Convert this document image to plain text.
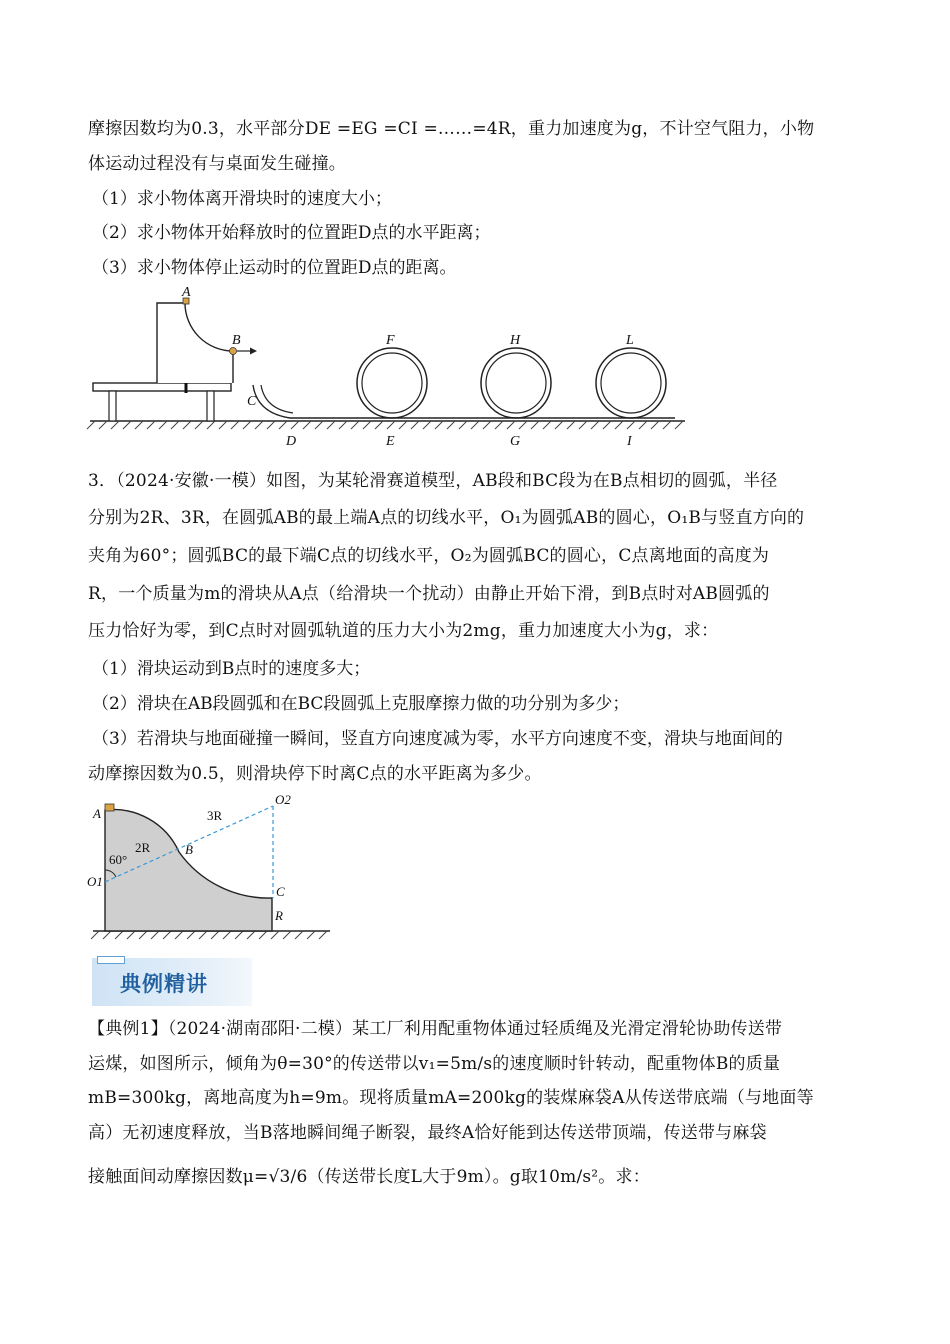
摩擦因数均为0.3，水平部分DE =EG =CI =……=4R，重力加速度为g，不计空气阻力，小物
体运动过程没有与桌面发生碰撞。
（1）求小物体离开滑块时的速度大小；
（2）求小物体开始释放时的位置距D点的水平距离；
（3）求小物体停止运动时的位置距D点的距离。
A
B
C
D	E	G	I
F	H	L
3．（2024·安徽·一模）如图，为某轮滑赛道模型，AB段和BC段为在B点相切的圆弧，半径
分别为2R、3R，在圆弧AB的最上端A点的切线水平，O₁为圆弧AB的圆心，O₁B与竖直方向的
夹角为60°；圆弧BC的最下端C点的切线水平，O₂为圆弧BC的圆心，C点离地面的高度为
R，一个质量为m的滑块从A点（给滑块一个扰动）由静止开始下滑，到B点时对AB圆弧的
压力恰好为零，到C点时对圆弧轨道的压力大小为2mg，重力加速度大小为g，求：
（1）滑块运动到B点时的速度多大；
（2）滑块在AB段圆弧和在BC段圆弧上克服摩擦力做的功分别为多少；
（3）若滑块与地面碰撞一瞬间，竖直方向速度减为零，水平方向速度不变，滑块与地面间的
动摩擦因数为0.5，则滑块停下时离C点的水平距离为多少。
A
O2
3R
2R	B
60°
O1
C
R
典例精讲
【典例1】（2024·湖南邵阳·二模）某工厂利用配重物体通过轻质绳及光滑定滑轮协助传送带
运煤，如图所示，倾角为θ=30°的传送带以v₁=5m/s的速度顺时针转动，配重物体B的质量
mB=300kg，离地高度为h=9m。现将质量mA=200kg的装煤麻袋A从传送带底端（与地面等
高）无初速度释放，当B落地瞬间绳子断裂，最终A恰好能到达传送带顶端，传送带与麻袋
接触面间动摩擦因数μ=√3/6（传送带长度L大于9m）。g取10m/s²。求：
